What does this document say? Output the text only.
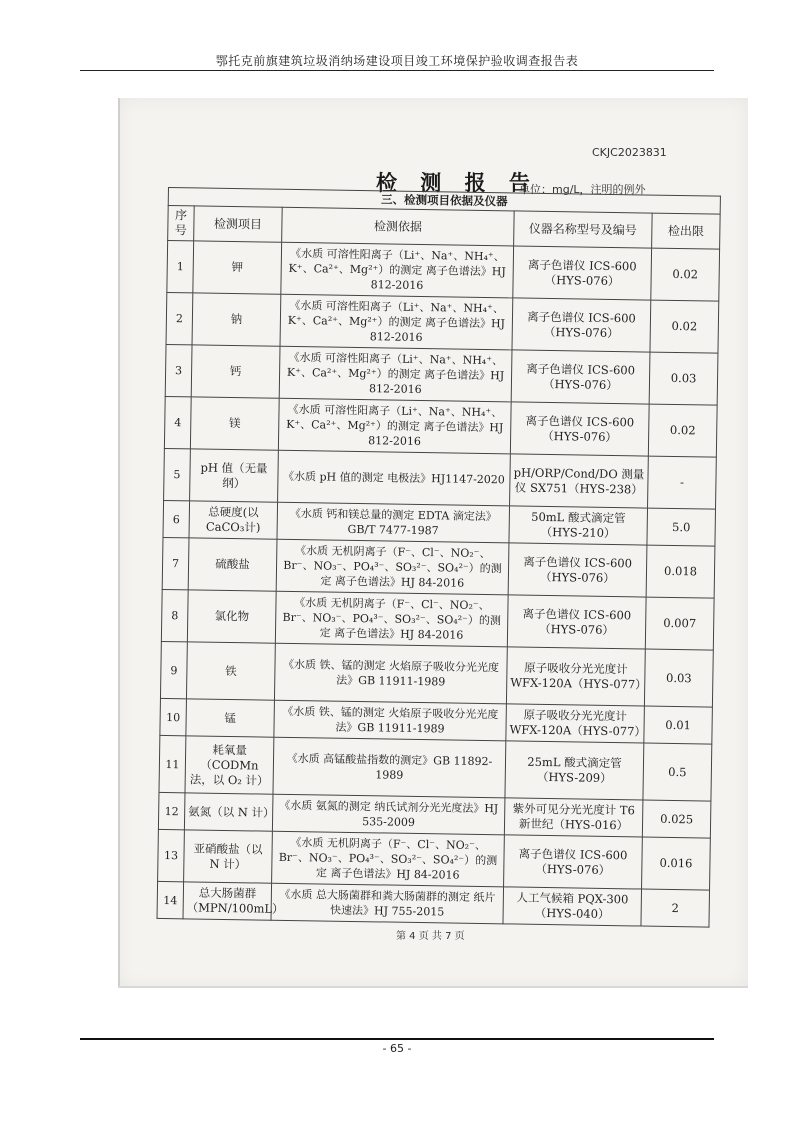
鄂托克前旗建筑垃圾消纳场建设项目竣工环境保护验收调查报告表
CKJC2023831
检 测 报 告
单位：mg/L，注明的例外
三、检测项目依据及仪器				
序号	检测项目	检测依据	仪器名称型号及编号	检出限
1	钾	《水质 可溶性阳离子（Li⁺、Na⁺、NH₄⁺、K⁺、Ca²⁺、Mg²⁺）的测定 离子色谱法》HJ 812-2016	离子色谱仪 ICS-600（HYS-076）	0.02
2	钠	《水质 可溶性阳离子（Li⁺、Na⁺、NH₄⁺、K⁺、Ca²⁺、Mg²⁺）的测定 离子色谱法》HJ 812-2016	离子色谱仪 ICS-600（HYS-076）	0.02
3	钙	《水质 可溶性阳离子（Li⁺、Na⁺、NH₄⁺、K⁺、Ca²⁺、Mg²⁺）的测定 离子色谱法》HJ 812-2016	离子色谱仪 ICS-600（HYS-076）	0.03
4	镁	《水质 可溶性阳离子（Li⁺、Na⁺、NH₄⁺、K⁺、Ca²⁺、Mg²⁺）的测定 离子色谱法》HJ 812-2016	离子色谱仪 ICS-600（HYS-076）	0.02
5	pH 值（无量纲）	《水质 pH 值的测定 电极法》HJ1147-2020	pH/ORP/Cond/DO 测量仪 SX751（HYS-238）	-
6	总硬度(以CaCO₃计)	《水质 钙和镁总量的测定 EDTA 滴定法》GB/T 7477-1987	50mL 酸式滴定管（HYS-210）	5.0
7	硫酸盐	《水质 无机阴离子（F⁻、Cl⁻、NO₂⁻、Br⁻、NO₃⁻、PO₄³⁻、SO₃²⁻、SO₄²⁻）的测定 离子色谱法》HJ 84-2016	离子色谱仪 ICS-600（HYS-076）	0.018
8	氯化物	《水质 无机阴离子（F⁻、Cl⁻、NO₂⁻、Br⁻、NO₃⁻、PO₄³⁻、SO₃²⁻、SO₄²⁻）的测定 离子色谱法》HJ 84-2016	离子色谱仪 ICS-600（HYS-076）	0.007
9	铁	《水质 铁、锰的测定 火焰原子吸收分光光度法》GB 11911-1989	原子吸收分光光度计 WFX-120A（HYS-077）	0.03
10	锰	《水质 铁、锰的测定 火焰原子吸收分光光度法》GB 11911-1989	原子吸收分光光度计 WFX-120A（HYS-077）	0.01
11	耗氧量（CODMn法，以 O₂ 计）	《水质 高锰酸盐指数的测定》GB 11892-1989	25mL 酸式滴定管（HYS-209）	0.5
12	氨氮（以 N 计）	《水质 氨氮的测定 纳氏试剂分光光度法》HJ 535-2009	紫外可见分光光度计 T6 新世纪（HYS-016）	0.025
13	亚硝酸盐（以 N 计）	《水质 无机阴离子（F⁻、Cl⁻、NO₂⁻、Br⁻、NO₃⁻、PO₄³⁻、SO₃²⁻、SO₄²⁻）的测定 离子色谱法》HJ 84-2016	离子色谱仪 ICS-600（HYS-076）	0.016
14	总大肠菌群（MPN/100mL）	《水质 总大肠菌群和粪大肠菌群的测定 纸片快速法》HJ 755-2015	人工气候箱 PQX-300（HYS-040）	2
第 4 页 共 7 页
- 65 -
